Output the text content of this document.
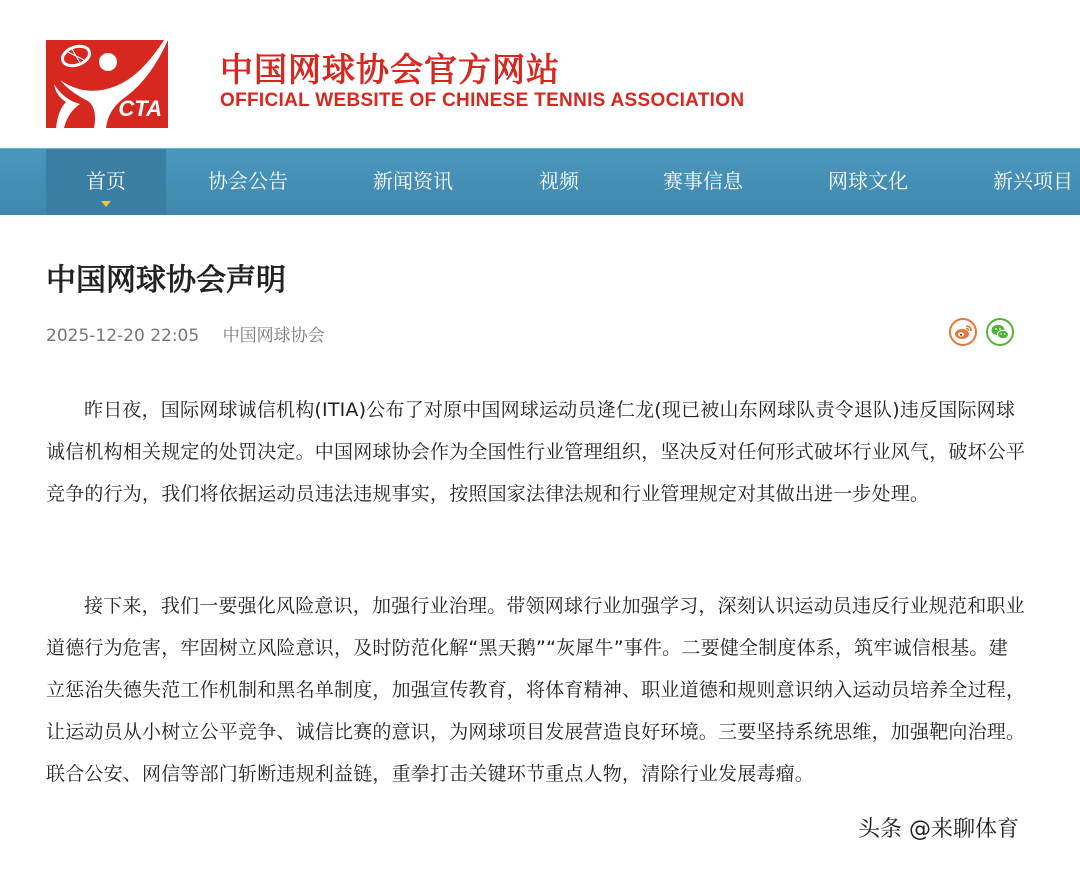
CTA
中国网球协会官方网站
OFFICIAL WEBSITE OF CHINESE TENNIS ASSOCIATION
首页	协会公告	新闻资讯	视频	赛事信息	网球文化	新兴项目
中国网球协会声明
2025-12-20 22:05 中国网球协会
昨日夜，国际网球诚信机构(ITIA)公布了对原中国网球运动员逄仁龙(现已被山东网球队责令退队)违反国际网球诚信机构相关规定的处罚决定。中国网球协会作为全国性行业管理组织，坚决反对任何形式破坏行业风气，破坏公平竞争的行为，我们将依据运动员违法违规事实，按照国家法律法规和行业管理规定对其做出进一步处理。
接下来，我们一要强化风险意识，加强行业治理。带领网球行业加强学习，深刻认识运动员违反行业规范和职业道德行为危害，牢固树立风险意识，及时防范化解“黑天鹅”“灰犀牛”事件。二要健全制度体系，筑牢诚信根基。建立惩治失德失范工作机制和黑名单制度，加强宣传教育，将体育精神、职业道德和规则意识纳入运动员培养全过程，让运动员从小树立公平竞争、诚信比赛的意识，为网球项目发展营造良好环境。三要坚持系统思维，加强靶向治理。联合公安、网信等部门斩断违规利益链，重拳打击关键环节重点人物，清除行业发展毒瘤。
头条 @来聊体育
